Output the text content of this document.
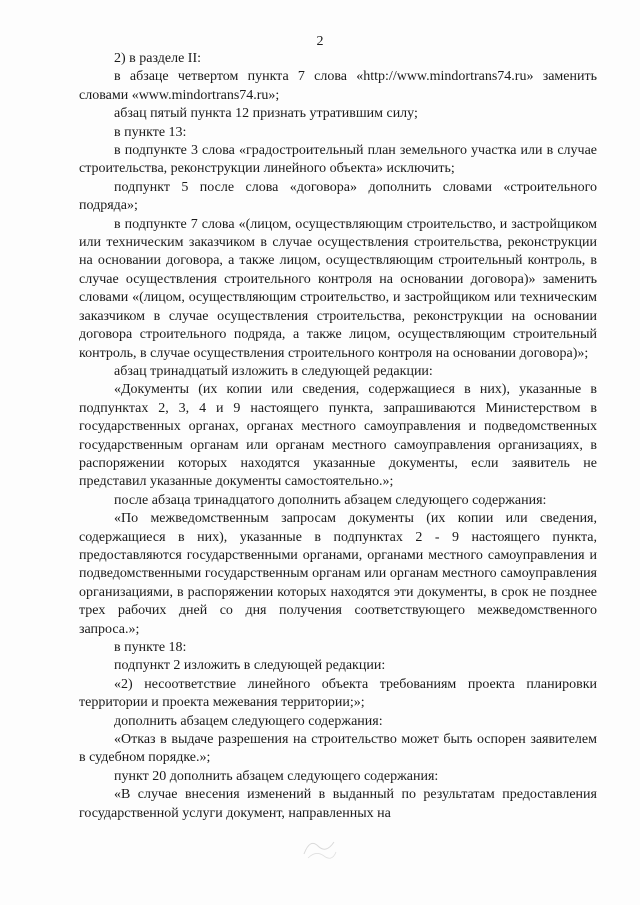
2

2) в разделе II:

в абзаце четвертом пункта 7 слова «http://www.mindortrans74.ru» заменить словами «www.mindortrans74.ru»;

абзац пятый пункта 12 признать утратившим силу;

в пункте 13:

в подпункте 3 слова «градостроительный план земельного участка или в случае строительства, реконструкции линейного объекта» исключить;

подпункт 5 после слова «договора» дополнить словами «строительного подряда»;

в подпункте 7 слова «(лицом, осуществляющим строительство, и застройщиком или техническим заказчиком в случае осуществления строительства, реконструкции на основании договора, а также лицом, осуществляющим строительный контроль, в случае осуществления строительного контроля на основании договора)» заменить словами «(лицом, осуществляющим строительство, и застройщиком или техническим заказчиком в случае осуществления строительства, реконструкции на основании договора строительного подряда, а также лицом, осуществляющим строительный контроль, в случае осуществления строительного контроля на основании договора)»;

абзац тринадцатый изложить в следующей редакции:

«Документы (их копии или сведения, содержащиеся в них), указанные в подпунктах 2, 3, 4 и 9 настоящего пункта, запрашиваются Министерством в государственных органах, органах местного самоуправления и подведомственных государственным органам или органам местного самоуправления организациях, в распоряжении которых находятся указанные документы, если заявитель не представил указанные документы самостоятельно.»;

после абзаца тринадцатого дополнить абзацем следующего содержания:

«По межведомственным запросам документы (их копии или сведения, содержащиеся в них), указанные в подпунктах 2 - 9 настоящего пункта, предоставляются государственными органами, органами местного самоуправления и подведомственными государственным органам или органам местного самоуправления организациями, в распоряжении которых находятся эти документы, в срок не позднее трех рабочих дней со дня получения соответствующего межведомственного запроса.»;

в пункте 18:

подпункт 2 изложить в следующей редакции:

«2) несоответствие линейного объекта требованиям проекта планировки территории и проекта межевания территории;»;

дополнить абзацем следующего содержания:

«Отказ в выдаче разрешения на строительство может быть оспорен заявителем в судебном порядке.»;

пункт 20 дополнить абзацем следующего содержания:

«В случае внесения изменений в выданный по результатам предоставления государственной услуги документ, направленных на
